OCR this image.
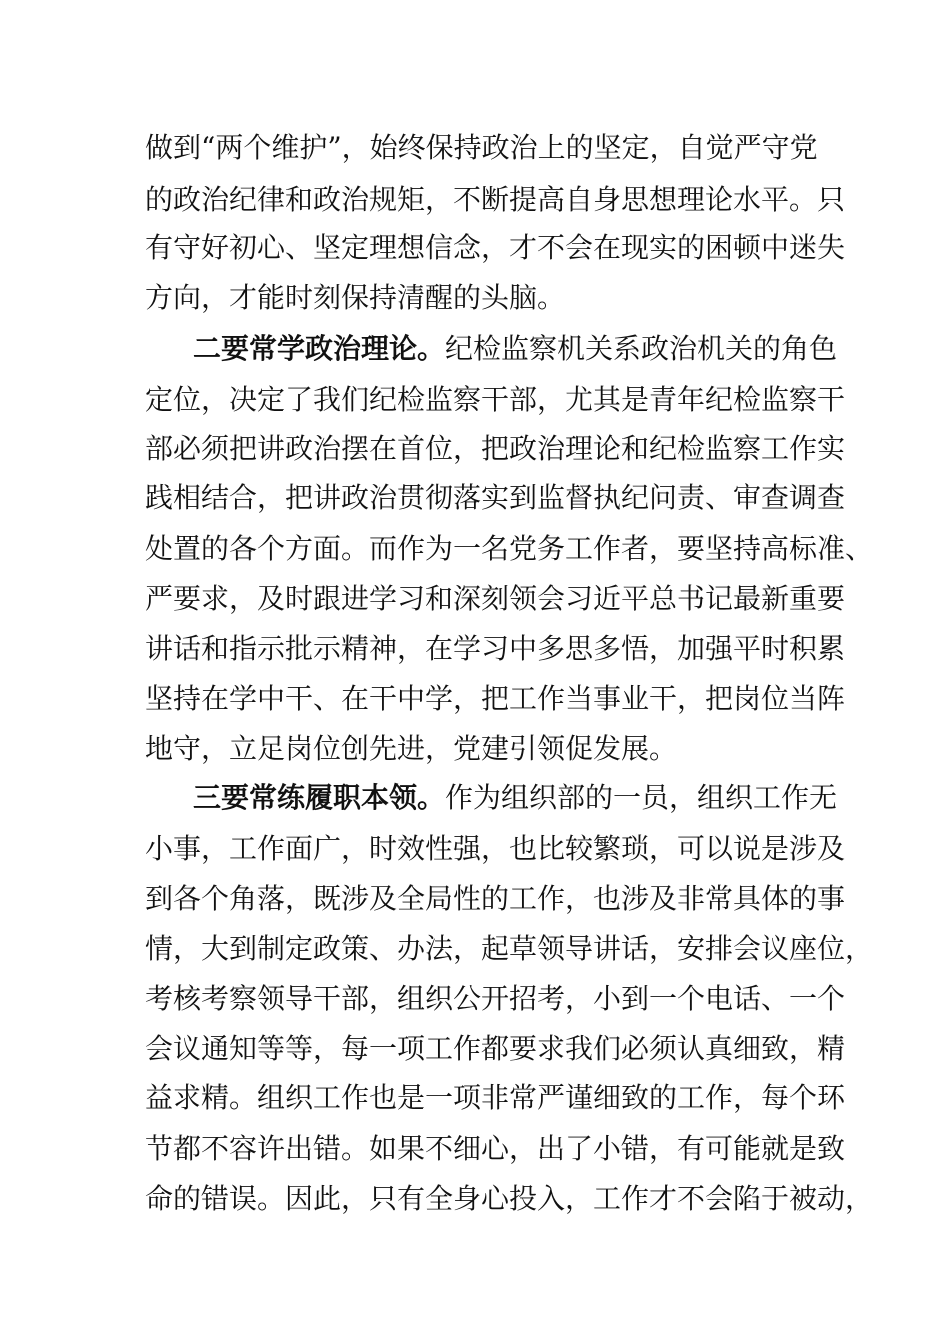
做到“两个维护”，始终保持政治上的坚定，自觉严守党

的政治纪律和政治规矩，不断提高自身思想理论水平。只

有守好初心、坚定理想信念，才不会在现实的困顿中迷失

方向，才能时刻保持清醒的头脑。

二要常学政治理论。纪检监察机关系政治机关的角色

定位，决定了我们纪检监察干部，尤其是青年纪检监察干

部必须把讲政治摆在首位，把政治理论和纪检监察工作实

践相结合，把讲政治贯彻落实到监督执纪问责、审查调查

处置的各个方面。而作为一名党务工作者，要坚持高标准、

严要求，及时跟进学习和深刻领会习近平总书记最新重要

讲话和指示批示精神，在学习中多思多悟，加强平时积累

坚持在学中干、在干中学，把工作当事业干，把岗位当阵

地守，立足岗位创先进，党建引领促发展。

三要常练履职本领。作为组织部的一员，组织工作无

小事，工作面广，时效性强，也比较繁琐，可以说是涉及

到各个角落，既涉及全局性的工作，也涉及非常具体的事

情，大到制定政策、办法，起草领导讲话，安排会议座位，

考核考察领导干部，组织公开招考，小到一个电话、一个

会议通知等等，每一项工作都要求我们必须认真细致，精

益求精。组织工作也是一项非常严谨细致的工作，每个环

节都不容许出错。如果不细心，出了小错，有可能就是致

命的错误。因此，只有全身心投入，工作才不会陷于被动，
